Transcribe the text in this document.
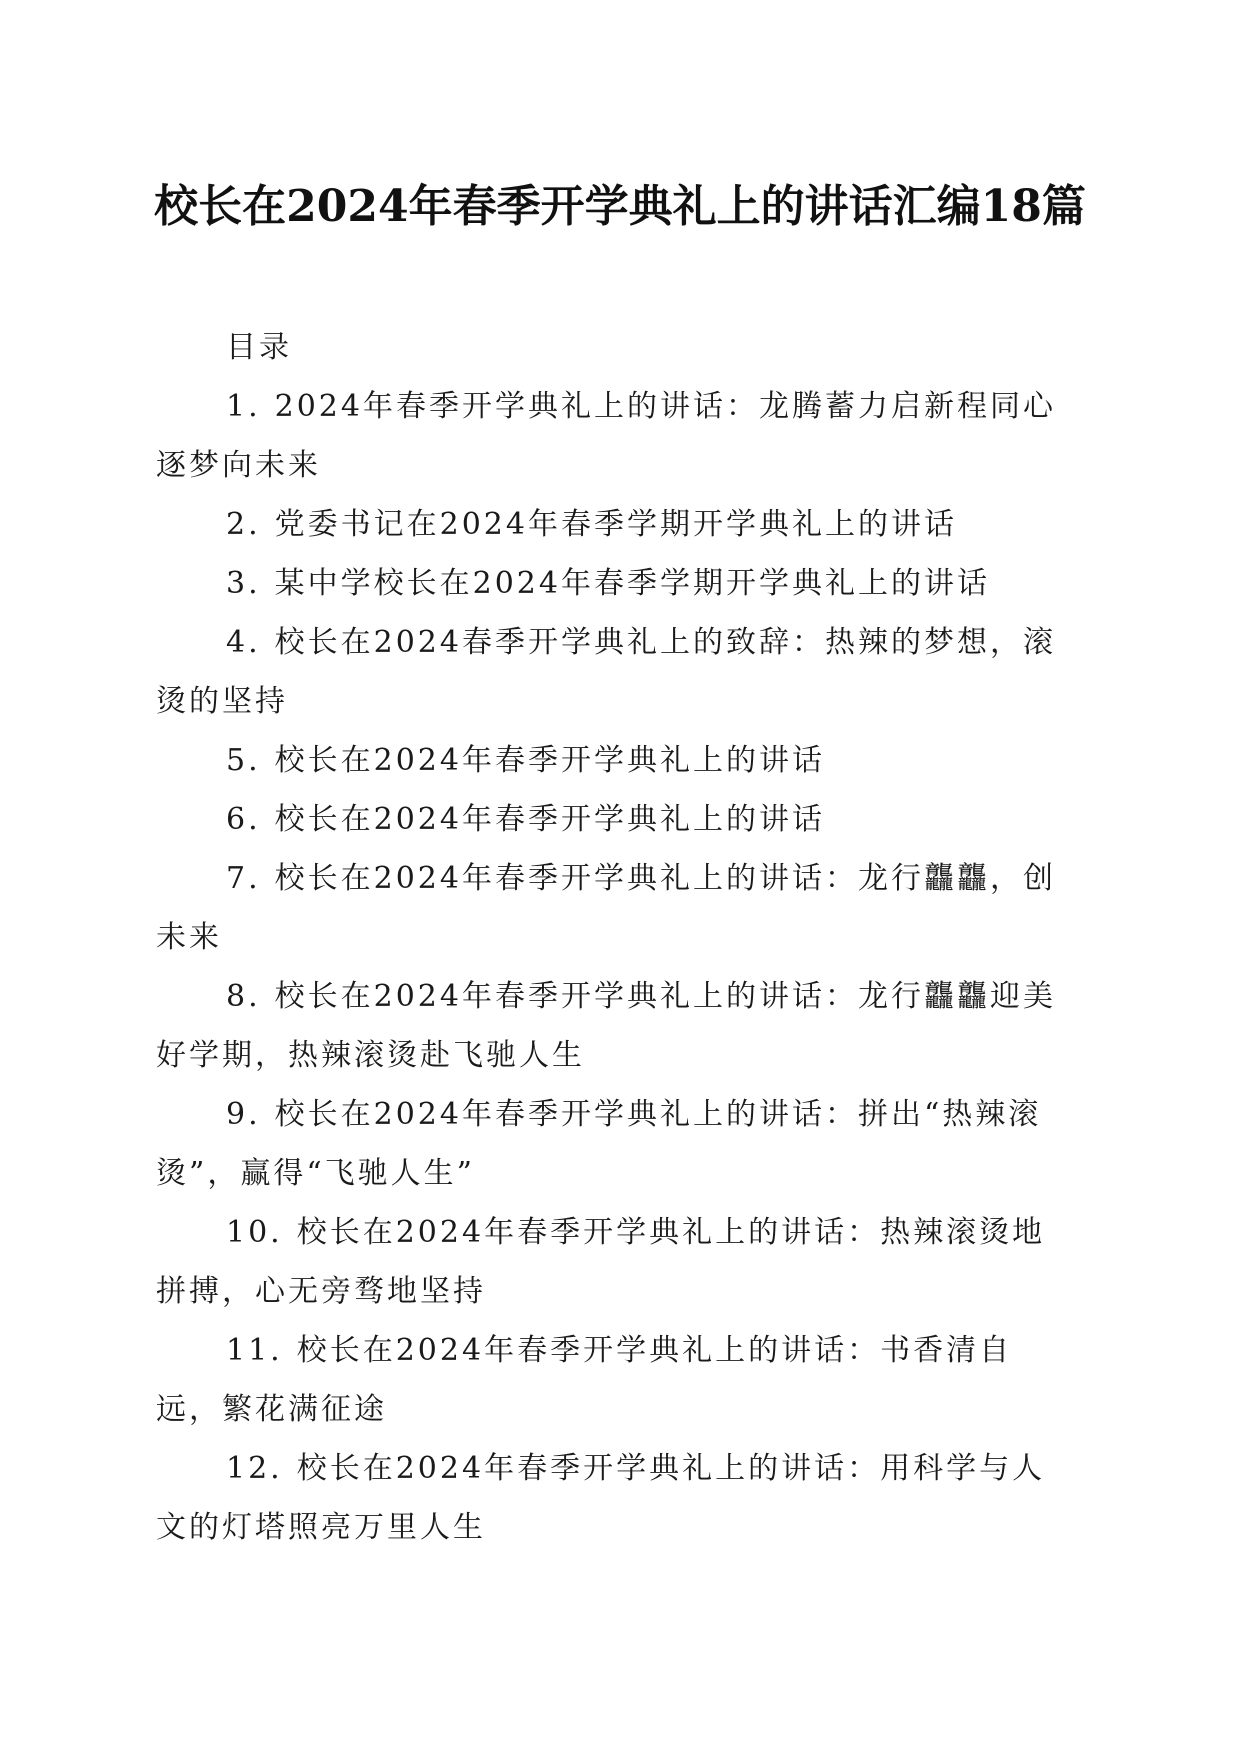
校长在2024年春季开学典礼上的讲话汇编18篇

目录

1. 2024年春季开学典礼上的讲话：龙腾蓄力启新程同心逐梦向未来
2. 党委书记在2024年春季学期开学典礼上的讲话
3. 某中学校长在2024年春季学期开学典礼上的讲话
4. 校长在2024春季开学典礼上的致辞：热辣的梦想，滚烫的坚持
5. 校长在2024年春季开学典礼上的讲话
6. 校长在2024年春季开学典礼上的讲话
7. 校长在2024年春季开学典礼上的讲话：龙行龘龘，创未来
8. 校长在2024年春季开学典礼上的讲话：龙行龘龘迎美好学期，热辣滚烫赴飞驰人生
9. 校长在2024年春季开学典礼上的讲话：拼出“热辣滚烫”，赢得“飞驰人生”
10. 校长在2024年春季开学典礼上的讲话：热辣滚烫地拼搏，心无旁骛地坚持
11. 校长在2024年春季开学典礼上的讲话：书香清自远，繁花满征途
12. 校长在2024年春季开学典礼上的讲话：用科学与人文的灯塔照亮万里人生
